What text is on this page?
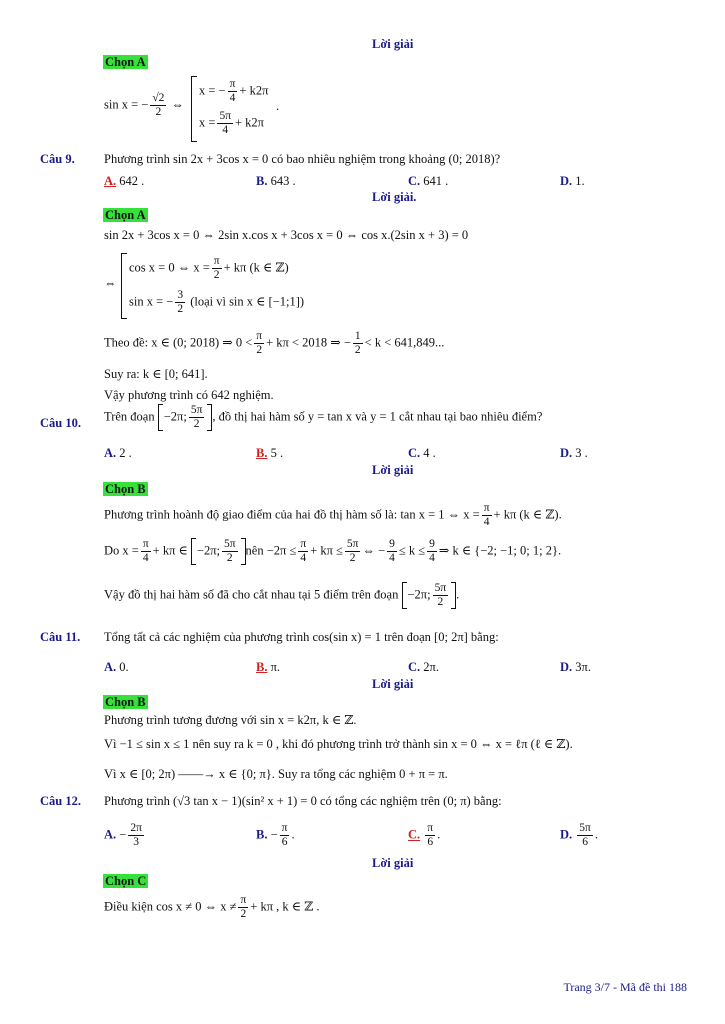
Lời giải
Chọn A
sin x = − $\frac{√2}{2}$ ⇔
x = − $\frac{\pi}{4} + k2\pi$
$x = \frac{5\pi}{4} + k2\pi$
.
Câu 9. Phương trình sin 2x + 3cos x = 0 có bao nhiêu nghiệm trong khoảng (0; 2018)?
A. 642 .	B. 643 .	C. 641 .	D. 1.
Lời giải.
Chọn A
sin 2x + 3cos x = 0 ⇔ 2sin x.cos x + 3cos x = 0 ⇔ cos x.(2sin x + 3) = 0
⇔
cos x = 0 ⇔ $x = \frac{\pi}{2} + k\pi$ (k ∈ ℤ)
sin x = − $\frac{3}{2}$ (loại vì sin x ∈ [−1;1])
Theo đề: x ∈ (0; 2018) ⇒ $0 < \frac{\pi}{2} + k\pi < 2018$ ⇒ − $\frac{1}{2} < k < 641,849$...
Suy ra: k ∈ [0; 641].
Vậy phương trình có 642 nghiệm.
Câu 10. Trên đoạn −2π; $\frac{5\pi}{2}$ , đồ thị hai hàm số y = tan x và y = 1 cắt nhau tại bao nhiêu điểm?
A. 2 .	B. 5 .	C. 4 .	D. 3 .
Lời giải
Chọn B
Phương trình hoành độ giao điểm của hai đồ thị hàm số là: tan x = 1 ⇔ $x = \frac{\pi}{4} + k\pi$ (k ∈ ℤ).
Do $x = \frac{\pi}{4} + k\pi$ ∈ −2π; $\frac{5\pi}{2}$ nên $-2\pi \le \frac{\pi}{4} + k\pi \le \frac{5\pi}{2}$ ⇔ − $\frac{9}{4} \le k \le \frac{9}{4}$ ⇒ k ∈ {−2; −1; 0; 1; 2}.
Vậy đồ thị hai hàm số đã cho cắt nhau tại 5 điểm trên đoạn −2π; $\frac{5\pi}{2}$ .
Câu 11. Tổng tất cả các nghiệm của phương trình cos(sin x) = 1 trên đoạn [0; 2π] bằng:
A. 0.	B. π.	C. 2π.	D. 3π.
Lời giải
Chọn B
Phương trình tương đương với sin x = k2π, k ∈ ℤ.
Vì −1 ≤ sin x ≤ 1 nên suy ra k = 0 , khi đó phương trình trở thành sin x = 0 ⇔ x = ℓπ (ℓ ∈ ℤ).
Vì x ∈ [0; 2π) ——→ x ∈ {0; π}. Suy ra tổng các nghiệm 0 + π = π.
Câu 12. Phương trình (√3 tan x − 1)(sin² x + 1) = 0 có tổng các nghiệm trên (0; π) bằng:
A. − $\frac{2\pi}{3}$	B. − $\frac{\pi}{6}$ .	C. $\frac{\pi}{6}$ .	D. $\frac{5\pi}{6}$ .
Lời giải
Chọn C
Điều kiện cos x ≠ 0 ⇔ $x \ne \frac{\pi}{2} + k\pi$ , k ∈ ℤ .
Trang 3/7 - Mã đề thi 188
